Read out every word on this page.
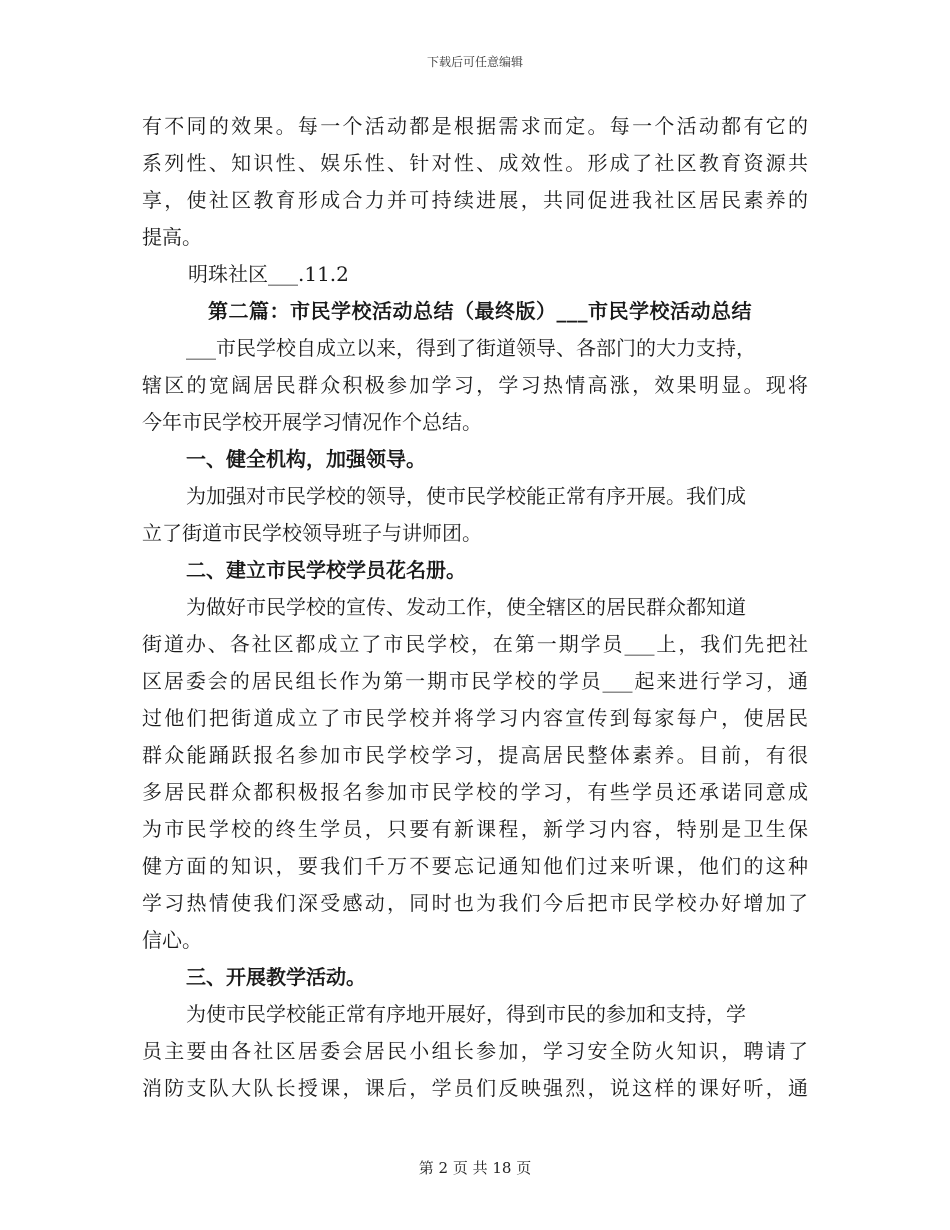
下载后可任意编辑
有不同的效果。每一个活动都是根据需求而定。每一个活动都有它的
系列性、知识性、娱乐性、针对性、成效性。形成了社区教育资源共
享，使社区教育形成合力并可持续进展，共同促进我社区居民素养的
提高。
明珠社区___.11.2
第二篇：市民学校活动总结（最终版）___市民学校活动总结
___市民学校自成立以来，得到了街道领导、各部门的大力支持，
辖区的宽阔居民群众积极参加学习，学习热情高涨，效果明显。现将
今年市民学校开展学习情况作个总结。
一、健全机构，加强领导。
为加强对市民学校的领导，使市民学校能正常有序开展。我们成
立了街道市民学校领导班子与讲师团。
二、建立市民学校学员花名册。
为做好市民学校的宣传、发动工作，使全辖区的居民群众都知道
街道办、各社区都成立了市民学校，在第一期学员___上，我们先把社
区居委会的居民组长作为第一期市民学校的学员___起来进行学习，通
过他们把街道成立了市民学校并将学习内容宣传到每家每户，使居民
群众能踊跃报名参加市民学校学习，提高居民整体素养。目前，有很
多居民群众都积极报名参加市民学校的学习，有些学员还承诺同意成
为市民学校的终生学员，只要有新课程，新学习内容，特别是卫生保
健方面的知识，要我们千万不要忘记通知他们过来听课，他们的这种
学习热情使我们深受感动，同时也为我们今后把市民学校办好增加了
信心。
三、开展教学活动。
为使市民学校能正常有序地开展好，得到市民的参加和支持，学
员主要由各社区居委会居民小组长参加，学习安全防火知识，聘请了
消防支队大队长授课，课后，学员们反映强烈，说这样的课好听，通
第 2 页 共 18 页
